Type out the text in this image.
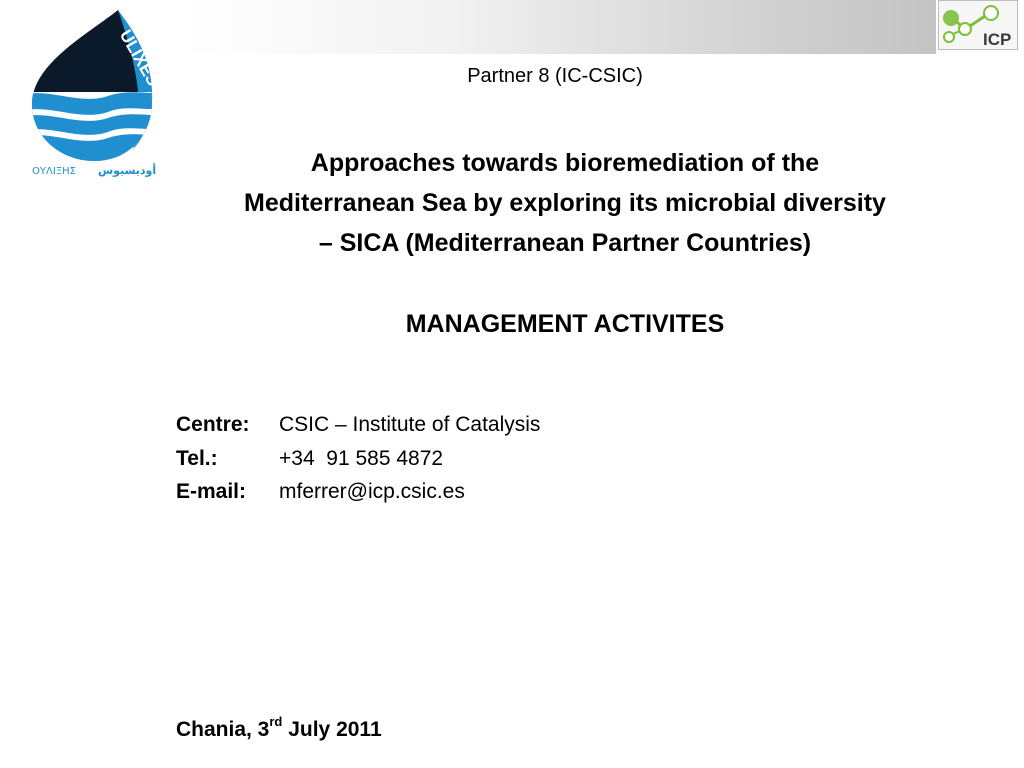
ULIXES
ΟΥΛΙΞΗΣ أوديسيوس
ICP
Partner 8 (IC-CSIC)
Approaches towards bioremediation of the
Mediterranean Sea by exploring its microbial diversity
– SICA (Mediterranean Partner Countries)
MANAGEMENT ACTIVITES
Centre:	CSIC – Institute of Catalysis
Tel.:	+34  91 585 4872
E-mail:	mferrer@icp.csic.es
Chania, 3rd July 2011
